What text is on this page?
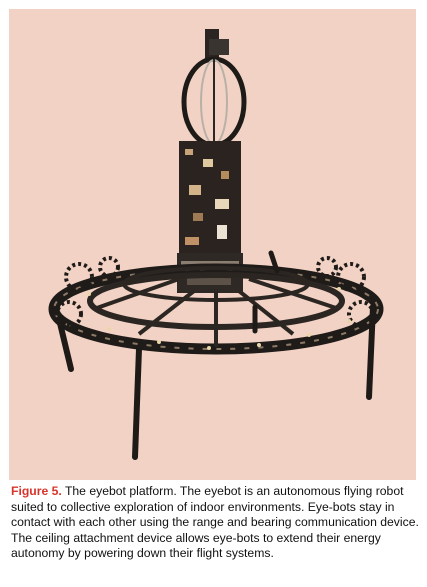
Figure 5. The eyebot platform. The eyebot is an autonomous flying robot suited to collective exploration of indoor environments. Eye-bots stay in contact with each other using the range and bearing communication device. The ceiling attachment device allows eye-bots to extend their energy autonomy by powering down their flight systems.
